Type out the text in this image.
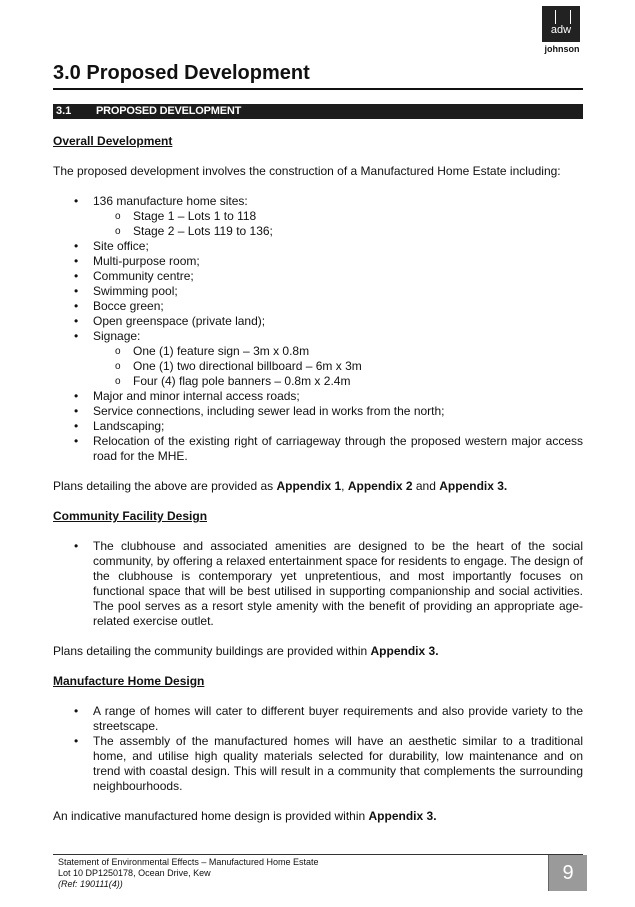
adw
johnson
3.0 Proposed Development
3.1 PROPOSED DEVELOPMENT

Overall Development

The proposed development involves the construction of a Manufactured Home Estate including:

• 136 manufacture home sites:
o Stage 1 – Lots 1 to 118
o Stage 2 – Lots 119 to 136;
• Site office;
• Multi-purpose room;
• Community centre;
• Swimming pool;
• Bocce green;
• Open greenspace (private land);
• Signage:
o One (1) feature sign – 3m x 0.8m
o One (1) two directional billboard – 6m x 3m
o Four (4) flag pole banners – 0.8m x 2.4m
• Major and minor internal access roads;
• Service connections, including sewer lead in works from the north;
• Landscaping;
• Relocation of the existing right of carriageway through the proposed western major access road for the MHE.

Plans detailing the above are provided as Appendix 1, Appendix 2 and Appendix 3.

Community Facility Design

• The clubhouse and associated amenities are designed to be the heart of the social community, by offering a relaxed entertainment space for residents to engage. The design of the clubhouse is contemporary yet unpretentious, and most importantly focuses on functional space that will be best utilised in supporting companionship and social activities. The pool serves as a resort style amenity with the benefit of providing an appropriate age-related exercise outlet.

Plans detailing the community buildings are provided within Appendix 3.

Manufacture Home Design

• A range of homes will cater to different buyer requirements and also provide variety to the streetscape.
• The assembly of the manufactured homes will have an aesthetic similar to a traditional home, and utilise high quality materials selected for durability, low maintenance and on trend with coastal design. This will result in a community that complements the surrounding neighbourhoods.

An indicative manufactured home design is provided within Appendix 3.

Statement of Environmental Effects – Manufactured Home Estate
Lot 10 DP1250178, Ocean Drive, Kew
(Ref: 190111(4))	9
